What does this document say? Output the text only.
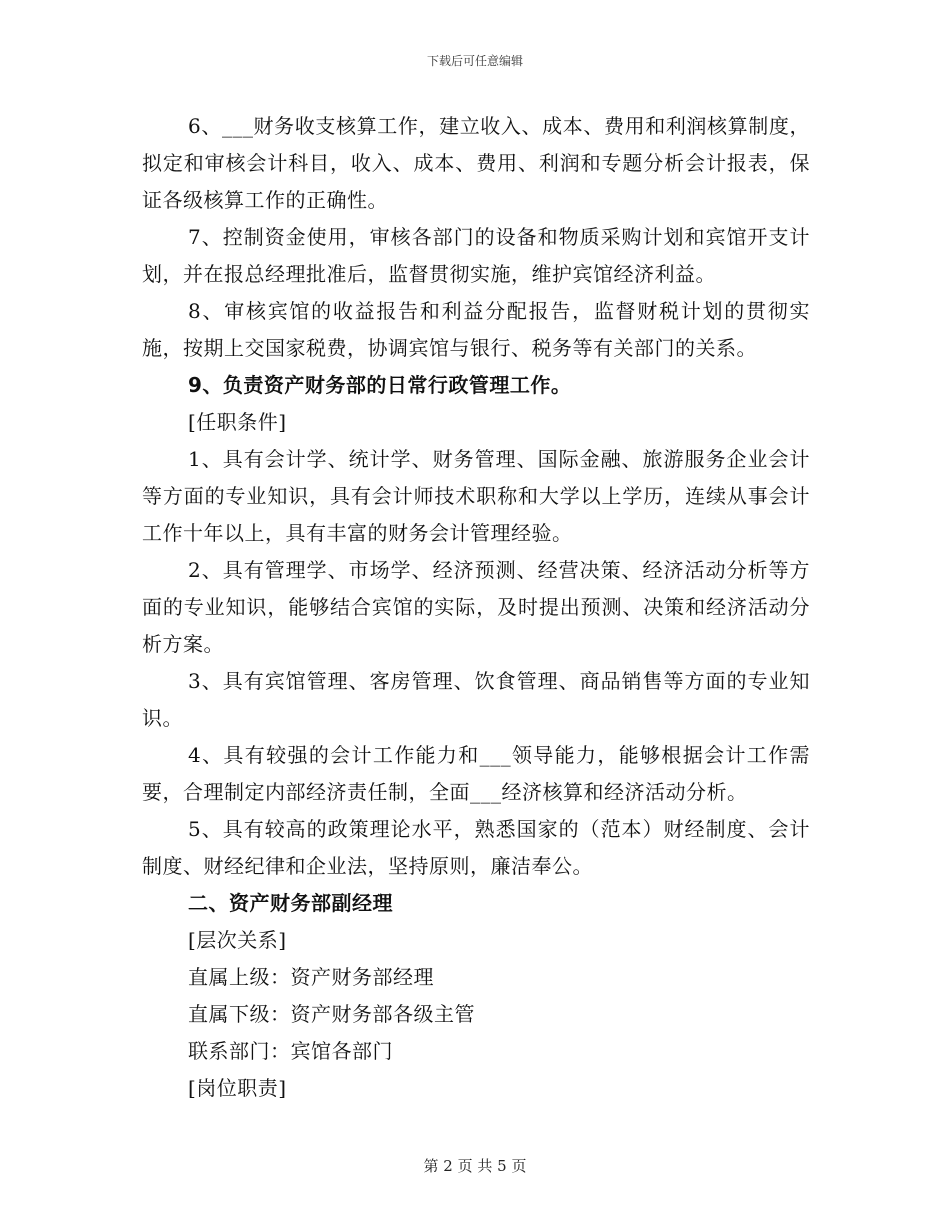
下载后可任意编辑

6、___财务收支核算工作，建立收入、成本、费用和利润核算制度，拟定和审核会计科目，收入、成本、费用、利润和专题分析会计报表，保证各级核算工作的正确性。

7、控制资金使用，审核各部门的设备和物质采购计划和宾馆开支计划，并在报总经理批准后，监督贯彻实施，维护宾馆经济利益。

8、审核宾馆的收益报告和利益分配报告，监督财税计划的贯彻实施，按期上交国家税费，协调宾馆与银行、税务等有关部门的关系。

9、负责资产财务部的日常行政管理工作。

[任职条件]

1、具有会计学、统计学、财务管理、国际金融、旅游服务企业会计等方面的专业知识，具有会计师技术职称和大学以上学历，连续从事会计工作十年以上，具有丰富的财务会计管理经验。

2、具有管理学、市场学、经济预测、经营决策、经济活动分析等方面的专业知识，能够结合宾馆的实际，及时提出预测、决策和经济活动分析方案。

3、具有宾馆管理、客房管理、饮食管理、商品销售等方面的专业知识。

4、具有较强的会计工作能力和___领导能力，能够根据会计工作需要，合理制定内部经济责任制，全面___经济核算和经济活动分析。

5、具有较高的政策理论水平，熟悉国家的（范本）财经制度、会计制度、财经纪律和企业法，坚持原则，廉洁奉公。

二、资产财务部副经理

[层次关系]

直属上级：资产财务部经理

直属下级：资产财务部各级主管

联系部门：宾馆各部门

[岗位职责]

第 2 页 共 5 页
